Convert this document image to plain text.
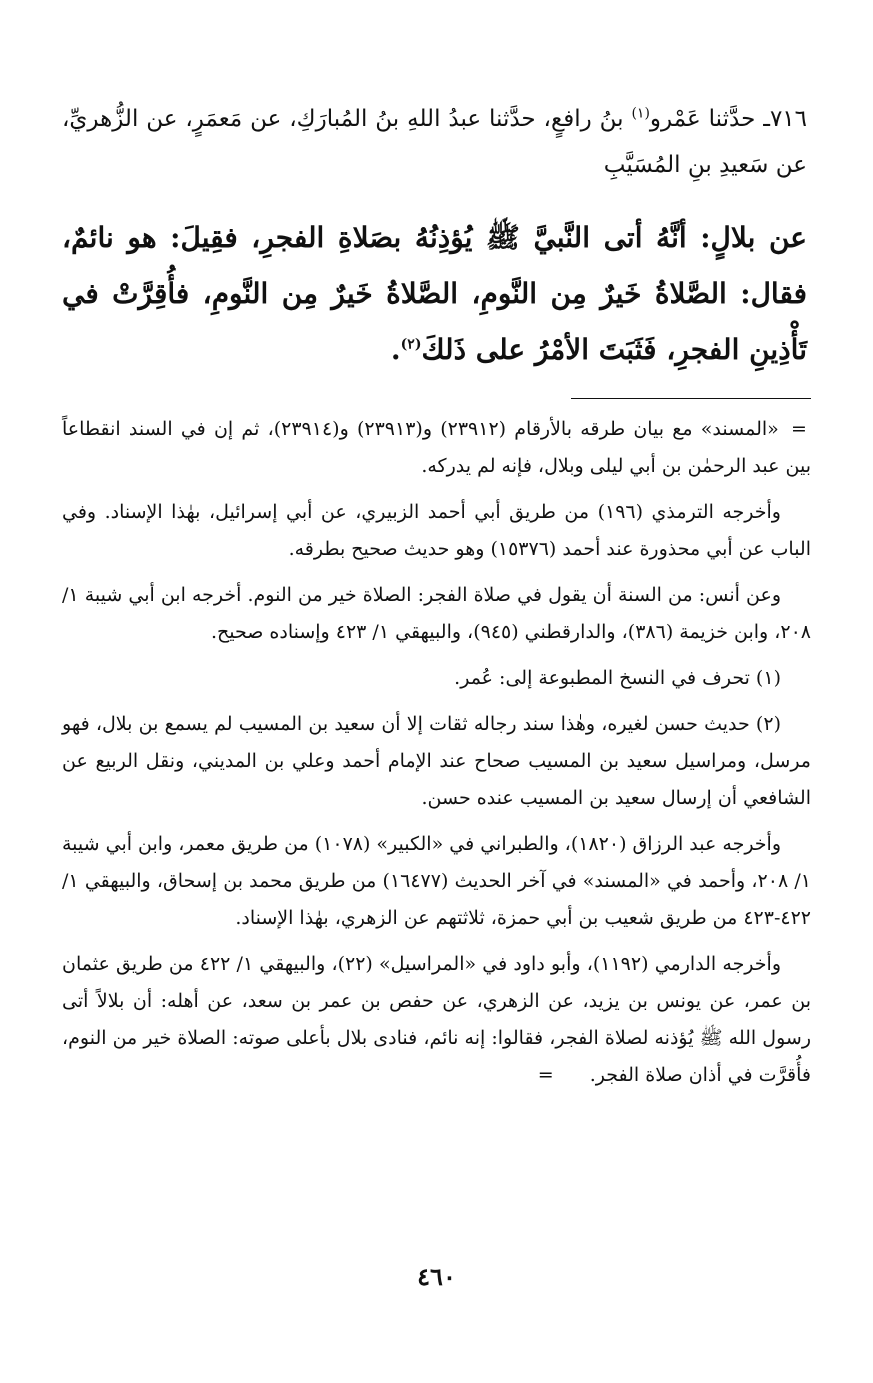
٧١٦ـ حدَّثنا عَمْرو$^{(١)}$ بنُ رافعٍ، حدَّثنا عبدُ اللهِ بنُ المُبارَكِ، عن مَعمَرٍ، عن الزُّهريِّ، عن سَعيدِ بنِ المُسَيَّبِ

عن بلالٍ: أنَّهُ أتى النَّبيَّ ﷺ يُؤذِنُهُ بصَلاةِ الفجرِ، فقِيلَ: هو نائمٌ، فقال: الصَّلاةُ خَيرٌ مِن النَّومِ، الصَّلاةُ خَيرٌ مِن النَّومِ، فأُقِرَّتْ في تَأْذِينِ الفجرِ، فَثَبَتَ الأمْرُ على ذَلكَ$^{(٢)}$.

= «المسند» مع بيان طرقه بالأرقام (٢٣٩١٢) و(٢٣٩١٣) و(٢٣٩١٤)، ثم إن في السند انقطاعاً بين عبد الرحمٰن بن أبي ليلى وبلال، فإنه لم يدركه.

وأخرجه الترمذي (١٩٦) من طريق أبي أحمد الزبيري، عن أبي إسرائيل، بهٰذا الإسناد. وفي الباب عن أبي محذورة عند أحمد (١٥٣٧٦) وهو حديث صحيح بطرقه.

وعن أنس: من السنة أن يقول في صلاة الفجر: الصلاة خير من النوم. أخرجه ابن أبي شيبة ١/ ٢٠٨، وابن خزيمة (٣٨٦)، والدارقطني (٩٤٥)، والبيهقي ١/ ٤٢٣ وإسناده صحيح.

(١) تحرف في النسخ المطبوعة إلى: عُمر.

(٢) حديث حسن لغيره، وهٰذا سند رجاله ثقات إلا أن سعيد بن المسيب لم يسمع بن بلال، فهو مرسل، ومراسيل سعيد بن المسيب صحاح عند الإمام أحمد وعلي بن المديني، ونقل الربيع عن الشافعي أن إرسال سعيد بن المسيب عنده حسن.

وأخرجه عبد الرزاق (١٨٢٠)، والطبراني في «الكبير» (١٠٧٨) من طريق معمر، وابن أبي شيبة ١/ ٢٠٨، وأحمد في «المسند» في آخر الحديث (١٦٤٧٧) من طريق محمد بن إسحاق، والبيهقي ١/ ٤٢٢-٤٢٣ من طريق شعيب بن أبي حمزة، ثلاثتهم عن الزهري، بهٰذا الإسناد.

وأخرجه الدارمي (١١٩٢)، وأبو داود في «المراسيل» (٢٢)، والبيهقي ١/ ٤٢٢ من طريق عثمان بن عمر، عن يونس بن يزيد، عن الزهري، عن حفص بن عمر بن سعد، عن أهله: أن بلالاً أتى رسول الله ﷺ يُؤذنه لصلاة الفجر، فقالوا: إنه نائم، فنادى بلال بأعلى صوته: الصلاة خير من النوم، فأُقرَّت في أذان صلاة الفجر. =

٤٦٠
